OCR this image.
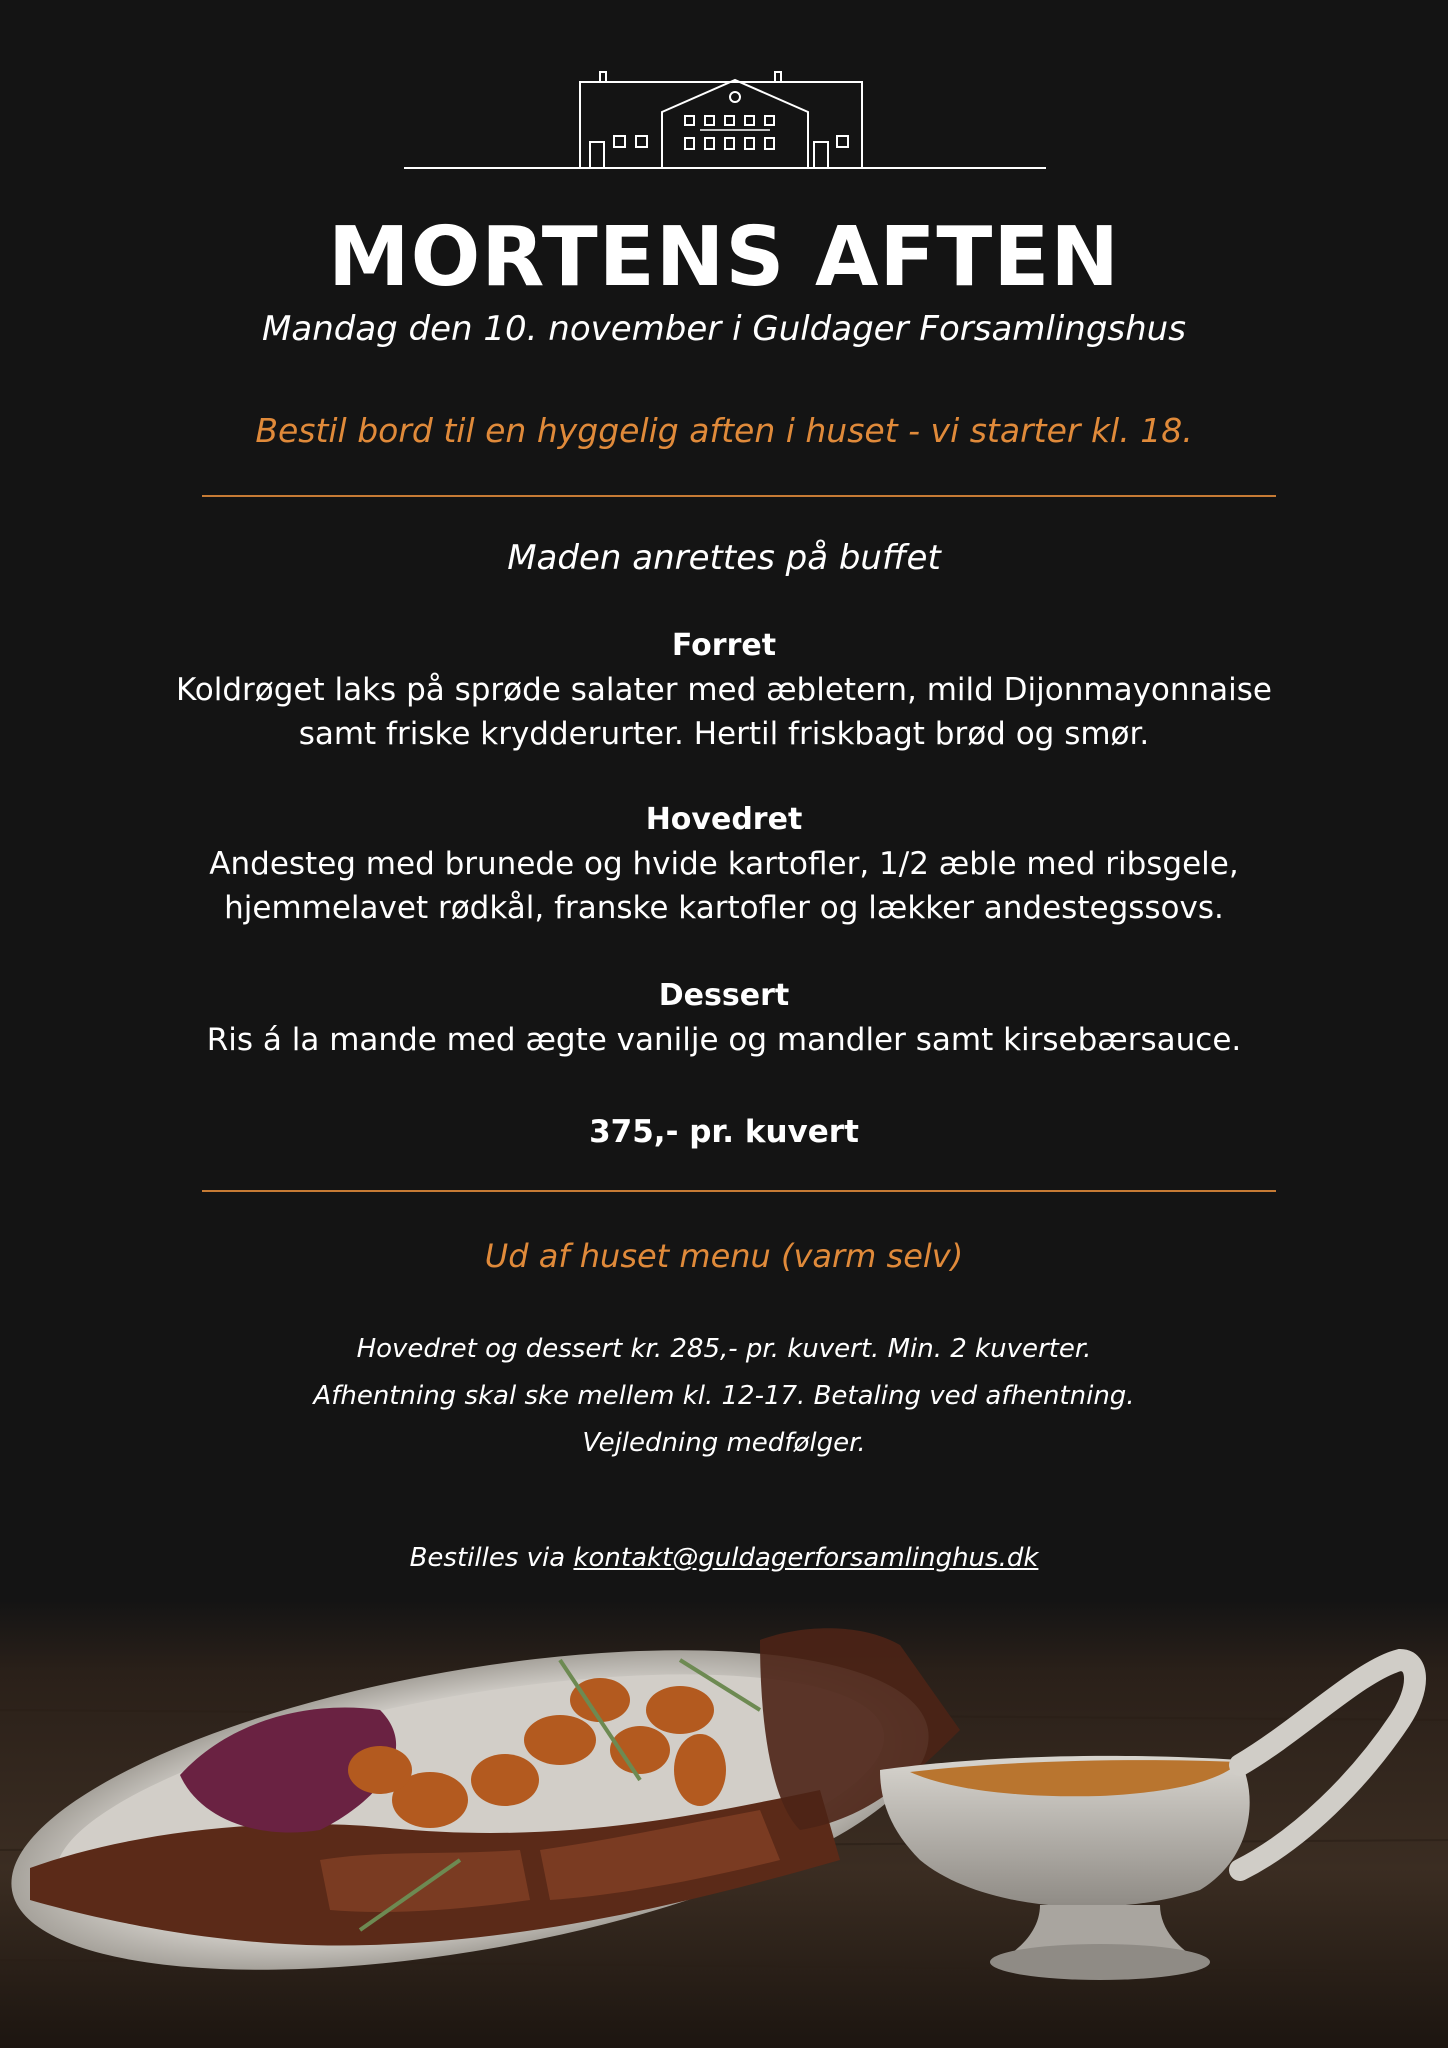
MORTENS AFTEN
Mandag den 10. november i Guldager Forsamlingshus
Bestil bord til en hyggelig aften i huset - vi starter kl. 18.
Maden anrettes på buffet
Forret
Koldrøget laks på sprøde salater med æbletern, mild Dijonmayonnaise
samt friske krydderurter. Hertil friskbagt brød og smør.
Hovedret
Andesteg med brunede og hvide kartofler, 1/2 æble med ribsgele,
hjemmelavet rødkål, franske kartofler og lækker andestegssovs.
Dessert
Ris á la mande med ægte vanilje og mandler samt kirsebærsauce.
375,- pr. kuvert
Ud af huset menu (varm selv)
Hovedret og dessert kr. 285,- pr. kuvert. Min. 2 kuverter.
Afhentning skal ske mellem kl. 12-17. Betaling ved afhentning.
Vejledning medfølger.
Bestilles via kontakt@guldagerforsamlinghus.dk
